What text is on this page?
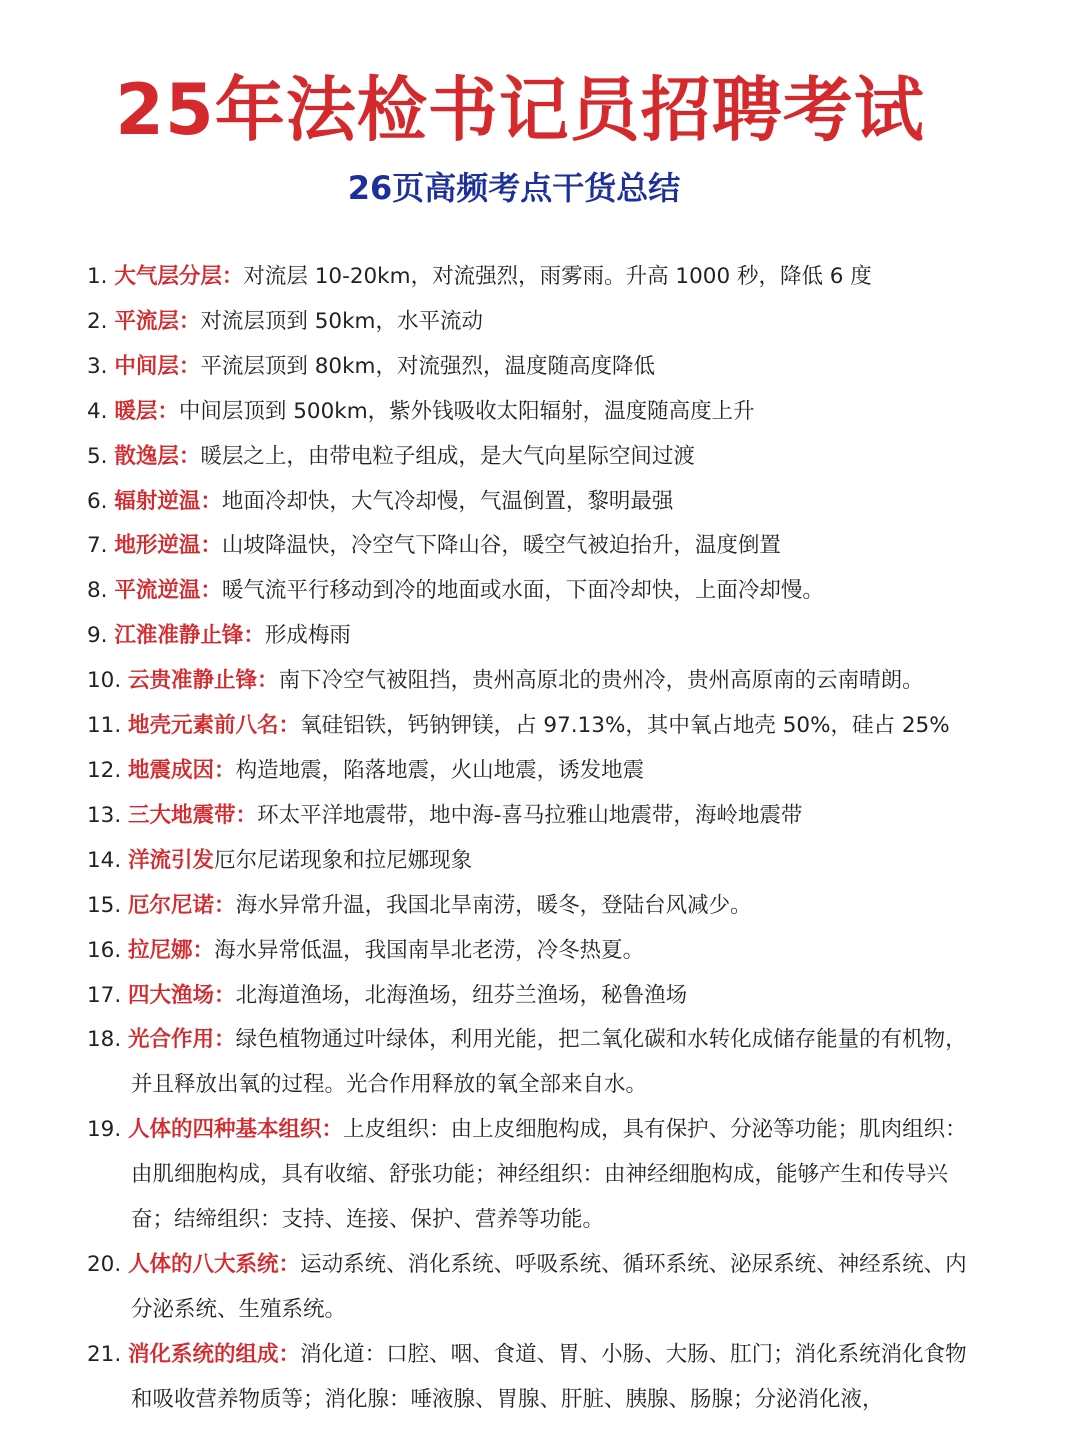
25年法检书记员招聘考试
26页高频考点干货总结
1. 大气层分层：对流层 10-20km，对流强烈，雨雾雨。升高 1000 秒，降低 6 度
2. 平流层：对流层顶到 50km，水平流动
3. 中间层：平流层顶到 80km，对流强烈，温度随高度降低
4. 暖层：中间层顶到 500km，紫外钱吸收太阳辐射，温度随高度上升
5. 散逸层：暖层之上，由带电粒子组成，是大气向星际空间过渡
6. 辐射逆温：地面冷却快，大气冷却慢，气温倒置，黎明最强
7. 地形逆温：山坡降温快，冷空气下降山谷，暖空气被迫抬升，温度倒置
8. 平流逆温：暖气流平行移动到冷的地面或水面，下面冷却快，上面冷却慢。
9. 江淮准静止锋：形成梅雨
10. 云贵准静止锋：南下冷空气被阻挡，贵州高原北的贵州冷，贵州高原南的云南晴朗。
11. 地壳元素前八名：氧硅铝铁，钙钠钾镁，占 97.13%，其中氧占地壳 50%，硅占 25%
12. 地震成因：构造地震，陷落地震，火山地震，诱发地震
13. 三大地震带：环太平洋地震带，地中海-喜马拉雅山地震带，海岭地震带
14. 洋流引发厄尔尼诺现象和拉尼娜现象
15. 厄尔尼诺：海水异常升温，我国北旱南涝，暖冬，登陆台风减少。
16. 拉尼娜：海水异常低温，我国南旱北老涝，冷冬热夏。
17. 四大渔场：北海道渔场，北海渔场，纽芬兰渔场，秘鲁渔场
18. 光合作用：绿色植物通过叶绿体，利用光能，把二氧化碳和水转化成储存能量的有机物，并且释放出氧的过程。光合作用释放的氧全部来自水。
19. 人体的四种基本组织：上皮组织：由上皮细胞构成，具有保护、分泌等功能；肌肉组织：由肌细胞构成，具有收缩、舒张功能；神经组织：由神经细胞构成，能够产生和传导兴奋；结缔组织：支持、连接、保护、营养等功能。
20. 人体的八大系统：运动系统、消化系统、呼吸系统、循环系统、泌尿系统、神经系统、内分泌系统、生殖系统。
21. 消化系统的组成：消化道：口腔、咽、食道、胃、小肠、大肠、肛门；消化系统消化食物和吸收营养物质等；消化腺：唾液腺、胃腺、肝脏、胰腺、肠腺；分泌消化液，
